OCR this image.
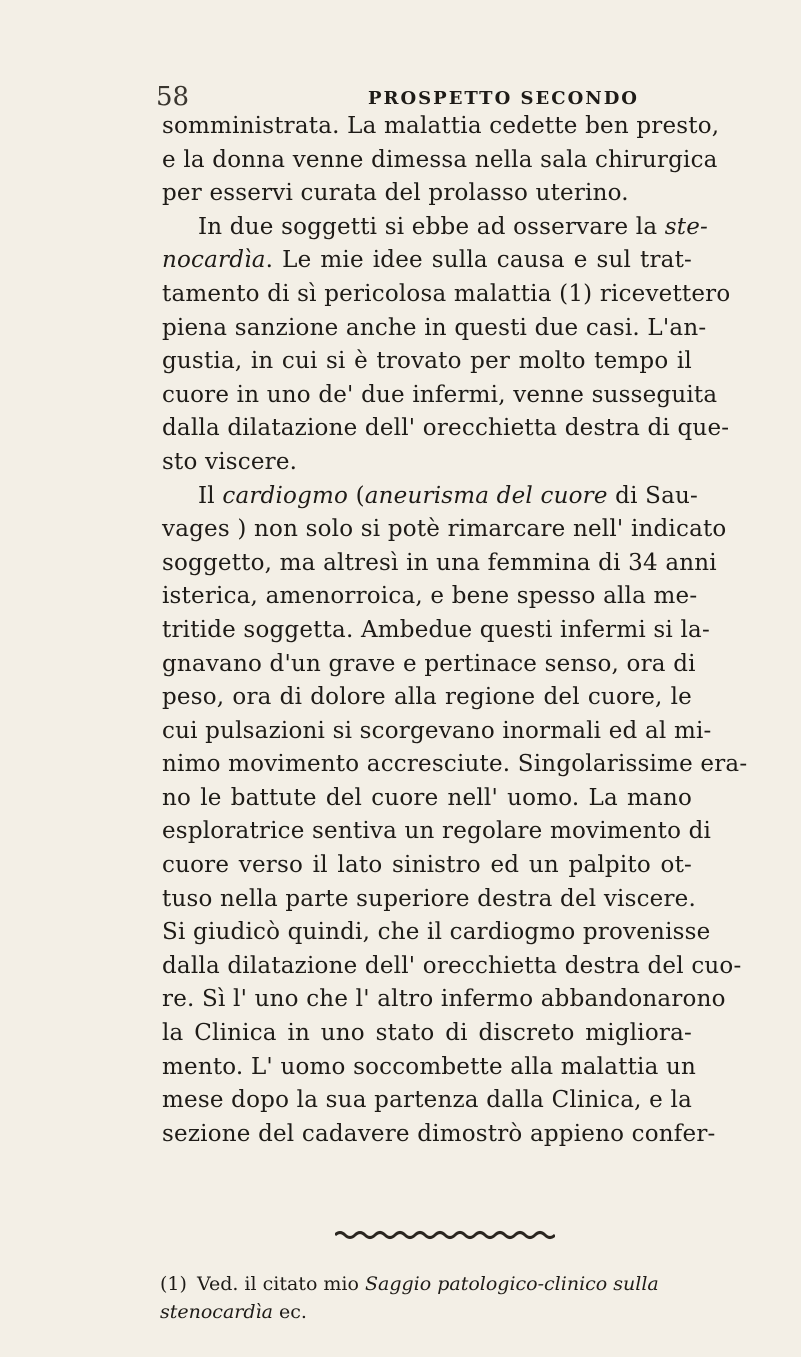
58	PROSPETTO SECONDO
somministrata. La malattia cedette ben presto,
e la donna venne dimessa nella sala chirurgica
per esservi curata del prolasso uterino.
In due soggetti si ebbe ad osservare la ste-
nocardìa. Le mie idee sulla causa e sul trat-
tamento di sì pericolosa malattia (1) ricevettero
piena sanzione anche in questi due casi. L'an-
gustia, in cui si è trovato per molto tempo il
cuore in uno de' due infermi, venne susseguita
dalla dilatazione dell' orecchietta destra di que-
sto viscere.
Il cardiogmo (aneurisma del cuore di Sau-
vages ) non solo si potè rimarcare nell' indicato
soggetto, ma altresì in una femmina di 34 anni
isterica, amenorroica, e bene spesso alla me-
tritide soggetta. Ambedue questi infermi si la-
gnavano d'un grave e pertinace senso, ora di
peso, ora di dolore alla regione del cuore, le
cui pulsazioni si scorgevano inormali ed al mi-
nimo movimento accresciute. Singolarissime era-
no le battute del cuore nell' uomo. La mano
esploratrice sentiva un regolare movimento di
cuore verso il lato sinistro ed un palpito ot-
tuso nella parte superiore destra del viscere.
Si giudicò quindi, che il cardiogmo provenisse
dalla dilatazione dell' orecchietta destra del cuo-
re. Sì l' uno che l' altro infermo abbandonarono
la Clinica in uno stato di discreto migliora-
mento. L' uomo soccombette alla malattia un
mese dopo la sua partenza dalla Clinica, e la
sezione del cadavere dimostrò appieno confer-
(1) Ved. il citato mio Saggio patologico-clinico sulla
stenocardìa ec.
